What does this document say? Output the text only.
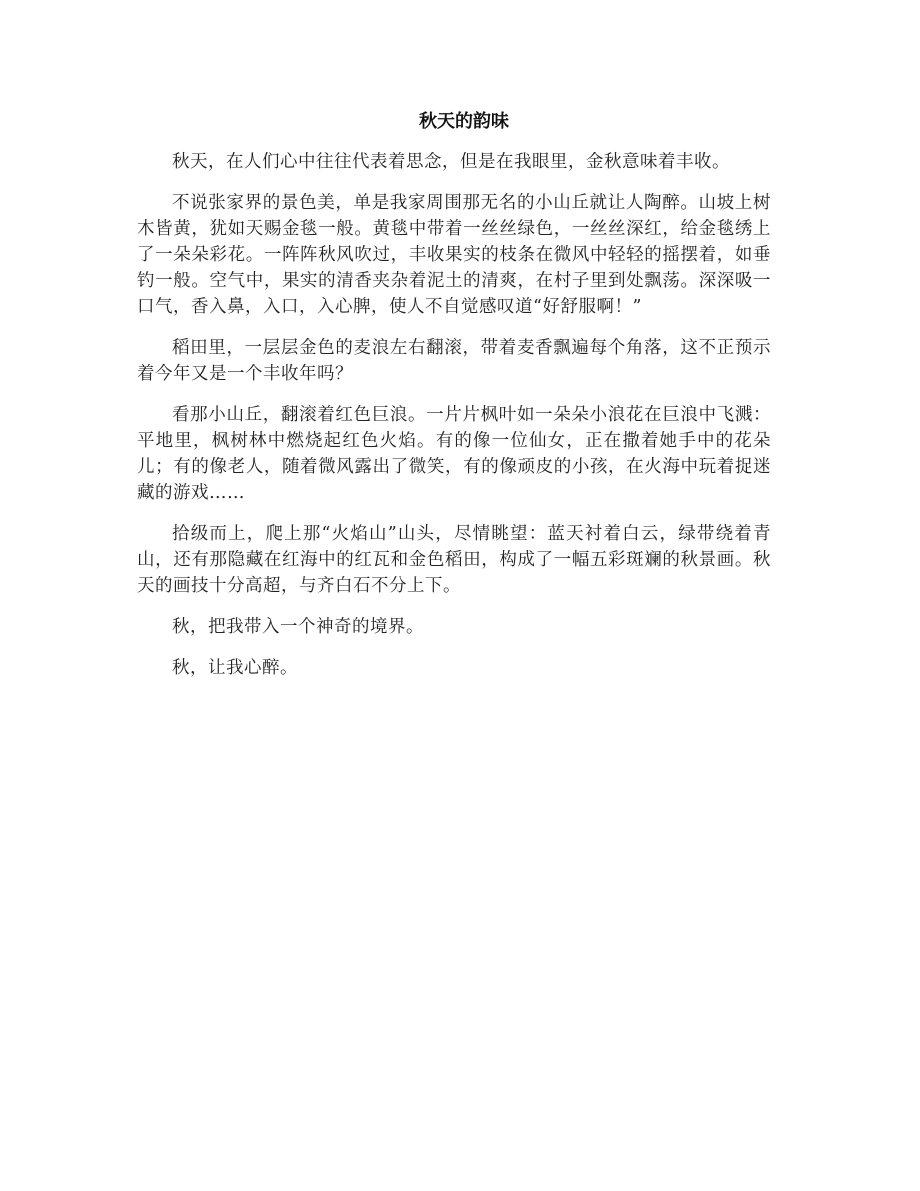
秋天的韵味

秋天，在人们心中往往代表着思念，但是在我眼里，金秋意味着丰收。

不说张家界的景色美，单是我家周围那无名的小山丘就让人陶醉。山坡上树木皆黄，犹如天赐金毯一般。黄毯中带着一丝丝绿色，一丝丝深红，给金毯绣上了一朵朵彩花。一阵阵秋风吹过，丰收果实的枝条在微风中轻轻的摇摆着，如垂钓一般。空气中，果实的清香夹杂着泥土的清爽，在村子里到处飘荡。深深吸一口气，香入鼻，入口，入心脾，使人不自觉感叹道“好舒服啊！”

稻田里，一层层金色的麦浪左右翻滚，带着麦香飘遍每个角落，这不正预示着今年又是一个丰收年吗？

看那小山丘，翻滚着红色巨浪。一片片枫叶如一朵朵小浪花在巨浪中飞溅：平地里，枫树林中燃烧起红色火焰。有的像一位仙女，正在撒着她手中的花朵儿；有的像老人，随着微风露出了微笑，有的像顽皮的小孩，在火海中玩着捉迷藏的游戏……

拾级而上，爬上那“火焰山”山头，尽情眺望：蓝天衬着白云，绿带绕着青山，还有那隐藏在红海中的红瓦和金色稻田，构成了一幅五彩斑斓的秋景画。秋天的画技十分高超，与齐白石不分上下。

秋，把我带入一个神奇的境界。

秋，让我心醉。
